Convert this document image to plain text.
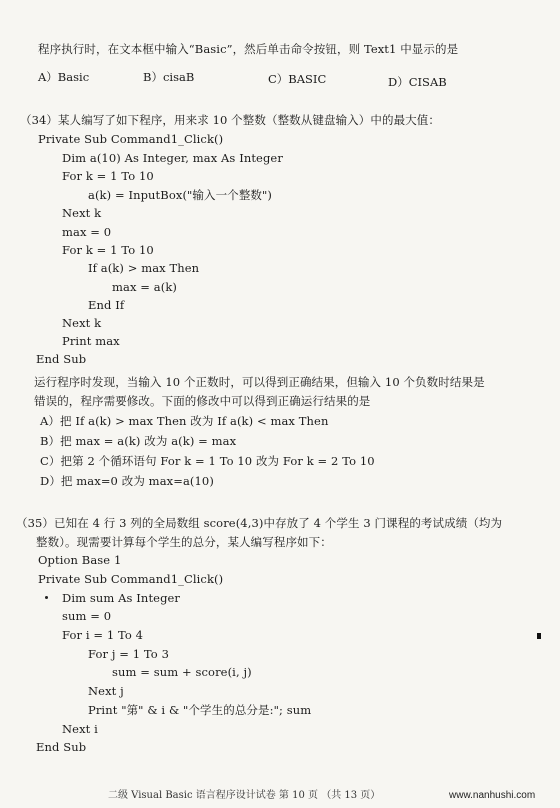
程序执行时，在文本框中输入“Basic”，然后单击命令按钮，则 Text1 中显示的是
A）Basic	B）cisaB	C）BASIC	D）CISAB
（34）某人编写了如下程序，用来求 10 个整数（整数从键盘输入）中的最大值：
Private Sub Command1_Click()
Dim a(10) As Integer, max As Integer
For k = 1 To 10
a(k) = InputBox("输入一个整数")
Next k
max = 0
For k = 1 To 10
If a(k) > max Then
max = a(k)
End If
Next k
Print max
End Sub
运行程序时发现，当输入 10 个正数时，可以得到正确结果，但输入 10 个负数时结果是
错误的，程序需要修改。下面的修改中可以得到正确运行结果的是
A）把 If a(k) > max Then 改为 If a(k) < max Then
B）把 max = a(k) 改为 a(k) = max
C）把第 2 个循环语句 For k = 1 To 10 改为 For k = 2 To 10
D）把 max=0 改为 max=a(10)
（35）已知在 4 行 3 列的全局数组 score(4,3)中存放了 4 个学生 3 门课程的考试成绩（均为
整数）。现需要计算每个学生的总分，某人编写程序如下：
Option Base 1
Private Sub Command1_Click()
Dim sum As Integer
sum = 0
For i = 1 To 4
For j = 1 To 3
sum = sum + score(i, j)
Next j
Print "第" & i & "个学生的总分是:"; sum
Next i
End Sub
二级 Visual Basic 语言程序设计试卷 第 10 页 （共 13 页）	www.nanhushi.com
